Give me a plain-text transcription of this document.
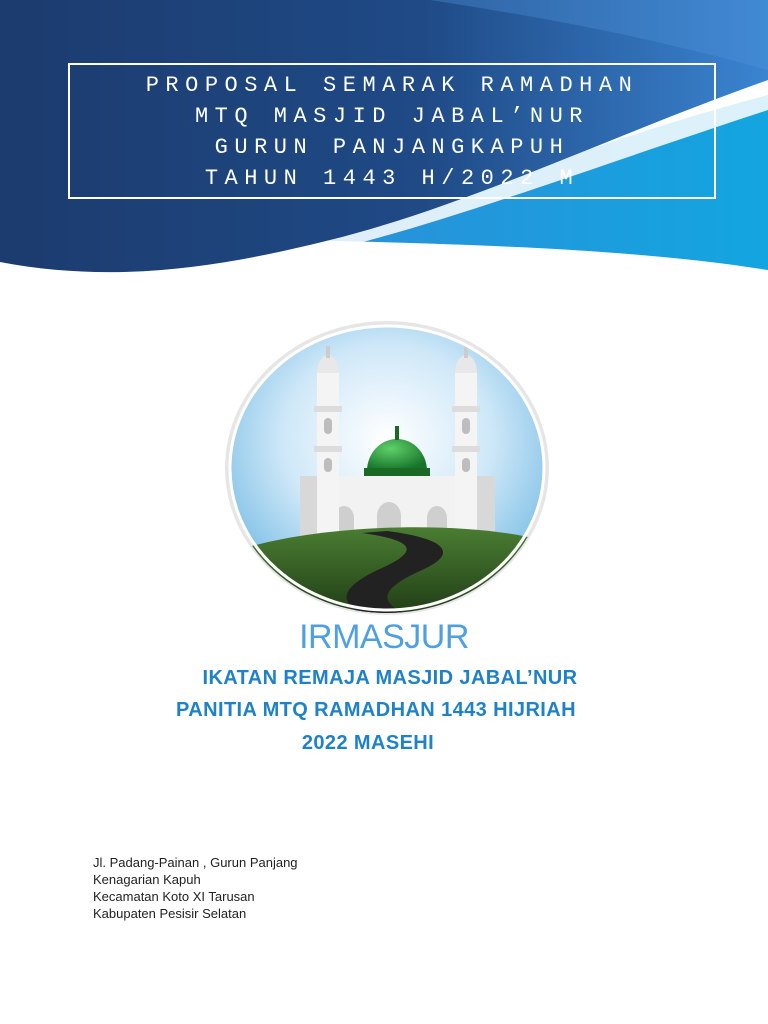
PROPOSAL SEMARAK RAMADHAN
MTQ MASJID JABAL’NUR
GURUN PANJANGKAPUH
TAHUN 1443 H/2022 M
IRMASJUR
IKATAN REMAJA MASJID JABAL’NUR
PANITIA MTQ RAMADHAN 1443 HIJRIAH
2022 MASEHI
Jl. Padang-Painan , Gurun Panjang
Kenagarian Kapuh
Kecamatan Koto XI Tarusan
Kabupaten Pesisir Selatan
